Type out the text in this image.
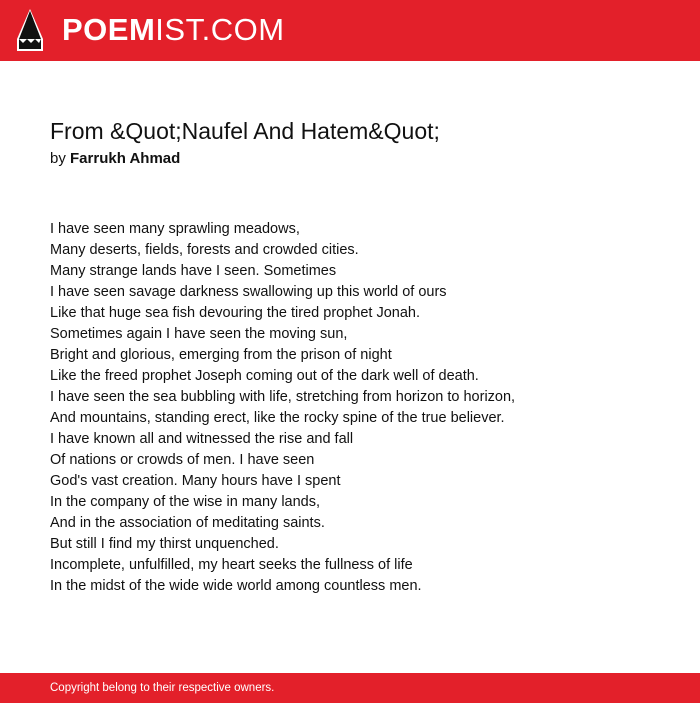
POEMIST.COM
From &Quot;Naufel And Hatem&Quot;
by Farrukh Ahmad
I have seen many sprawling meadows,
Many deserts, fields, forests and crowded cities.
Many strange lands have I seen. Sometimes
I have seen savage darkness swallowing up this world of ours
Like that huge sea fish devouring the tired prophet Jonah.
Sometimes again I have seen the moving sun,
Bright and glorious, emerging from the prison of night
Like the freed prophet Joseph coming out of the dark well of death.
I have seen the sea bubbling with life, stretching from horizon to horizon,
And mountains, standing erect, like the rocky spine of the true believer.
I have known all and witnessed the rise and fall
Of nations or crowds of men. I have seen
God's vast creation. Many hours have I spent
In the company of the wise in many lands,
And in the association of meditating saints.
But still I find my thirst unquenched.
Incomplete, unfulfilled, my heart seeks the fullness of life
In the midst of the wide wide world among countless men.
Copyright belong to their respective owners.
